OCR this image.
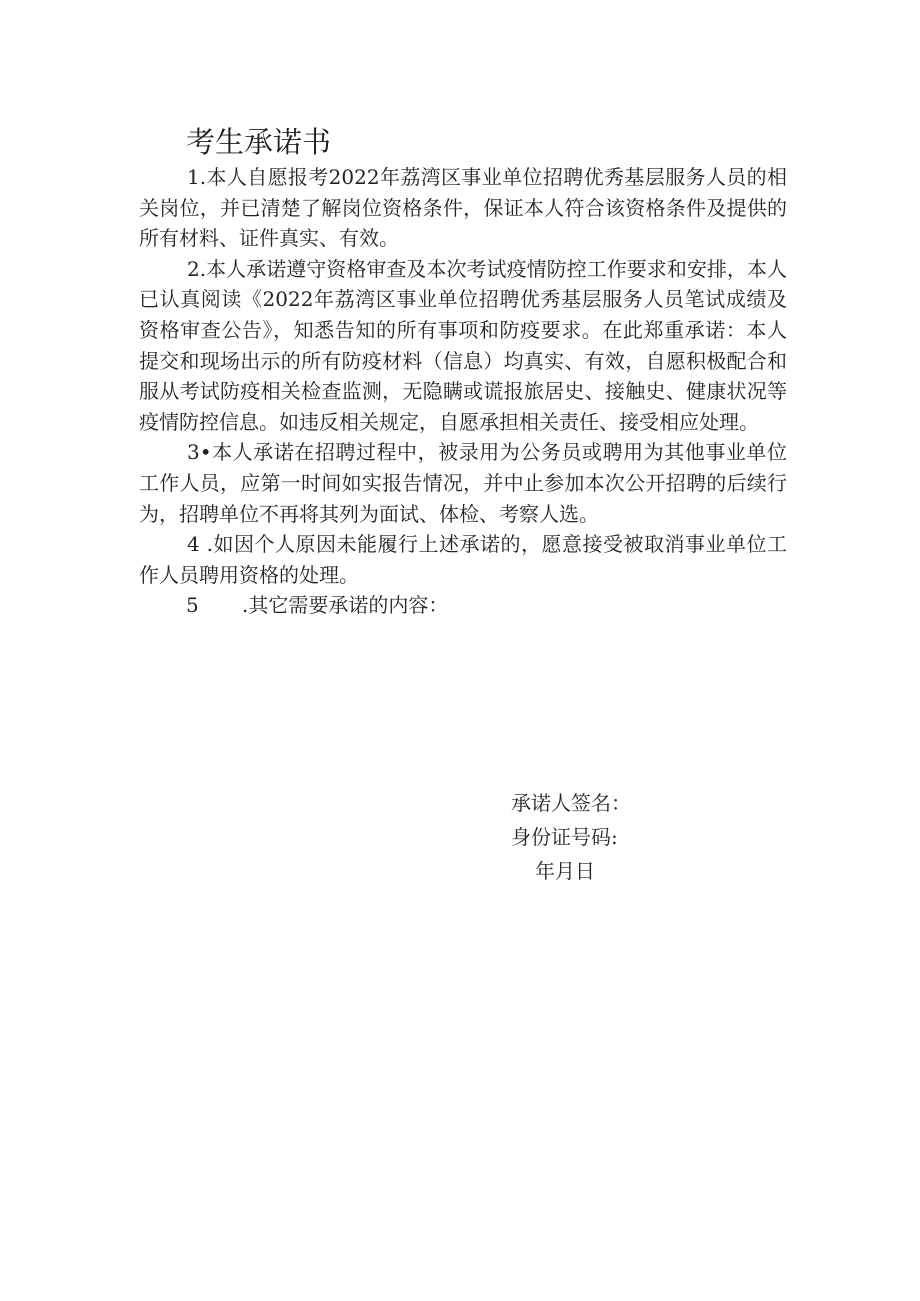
考生承诺书

1.本人自愿报考2022年荔湾区事业单位招聘优秀基层服务人员的相关岗位，并已清楚了解岗位资格条件，保证本人符合该资格条件及提供的所有材料、证件真实、有效。

2.本人承诺遵守资格审查及本次考试疫情防控工作要求和安排，本人已认真阅读《2022年荔湾区事业单位招聘优秀基层服务人员笔试成绩及资格审查公告》，知悉告知的所有事项和防疫要求。在此郑重承诺：本人提交和现场出示的所有防疫材料（信息）均真实、有效，自愿积极配合和服从考试防疫相关检查监测，无隐瞒或谎报旅居史、接触史、健康状况等疫情防控信息。如违反相关规定，自愿承担相关责任、接受相应处理。

3•本人承诺在招聘过程中，被录用为公务员或聘用为其他事业单位工作人员，应第一时间如实报告情况，并中止参加本次公开招聘的后续行为，招聘单位不再将其列为面试、体检、考察人选。

4 .如因个人原因未能履行上述承诺的，愿意接受被取消事业单位工作人员聘用资格的处理。

5 .其它需要承诺的内容：

承诺人签名：
身份证号码:
年月日
